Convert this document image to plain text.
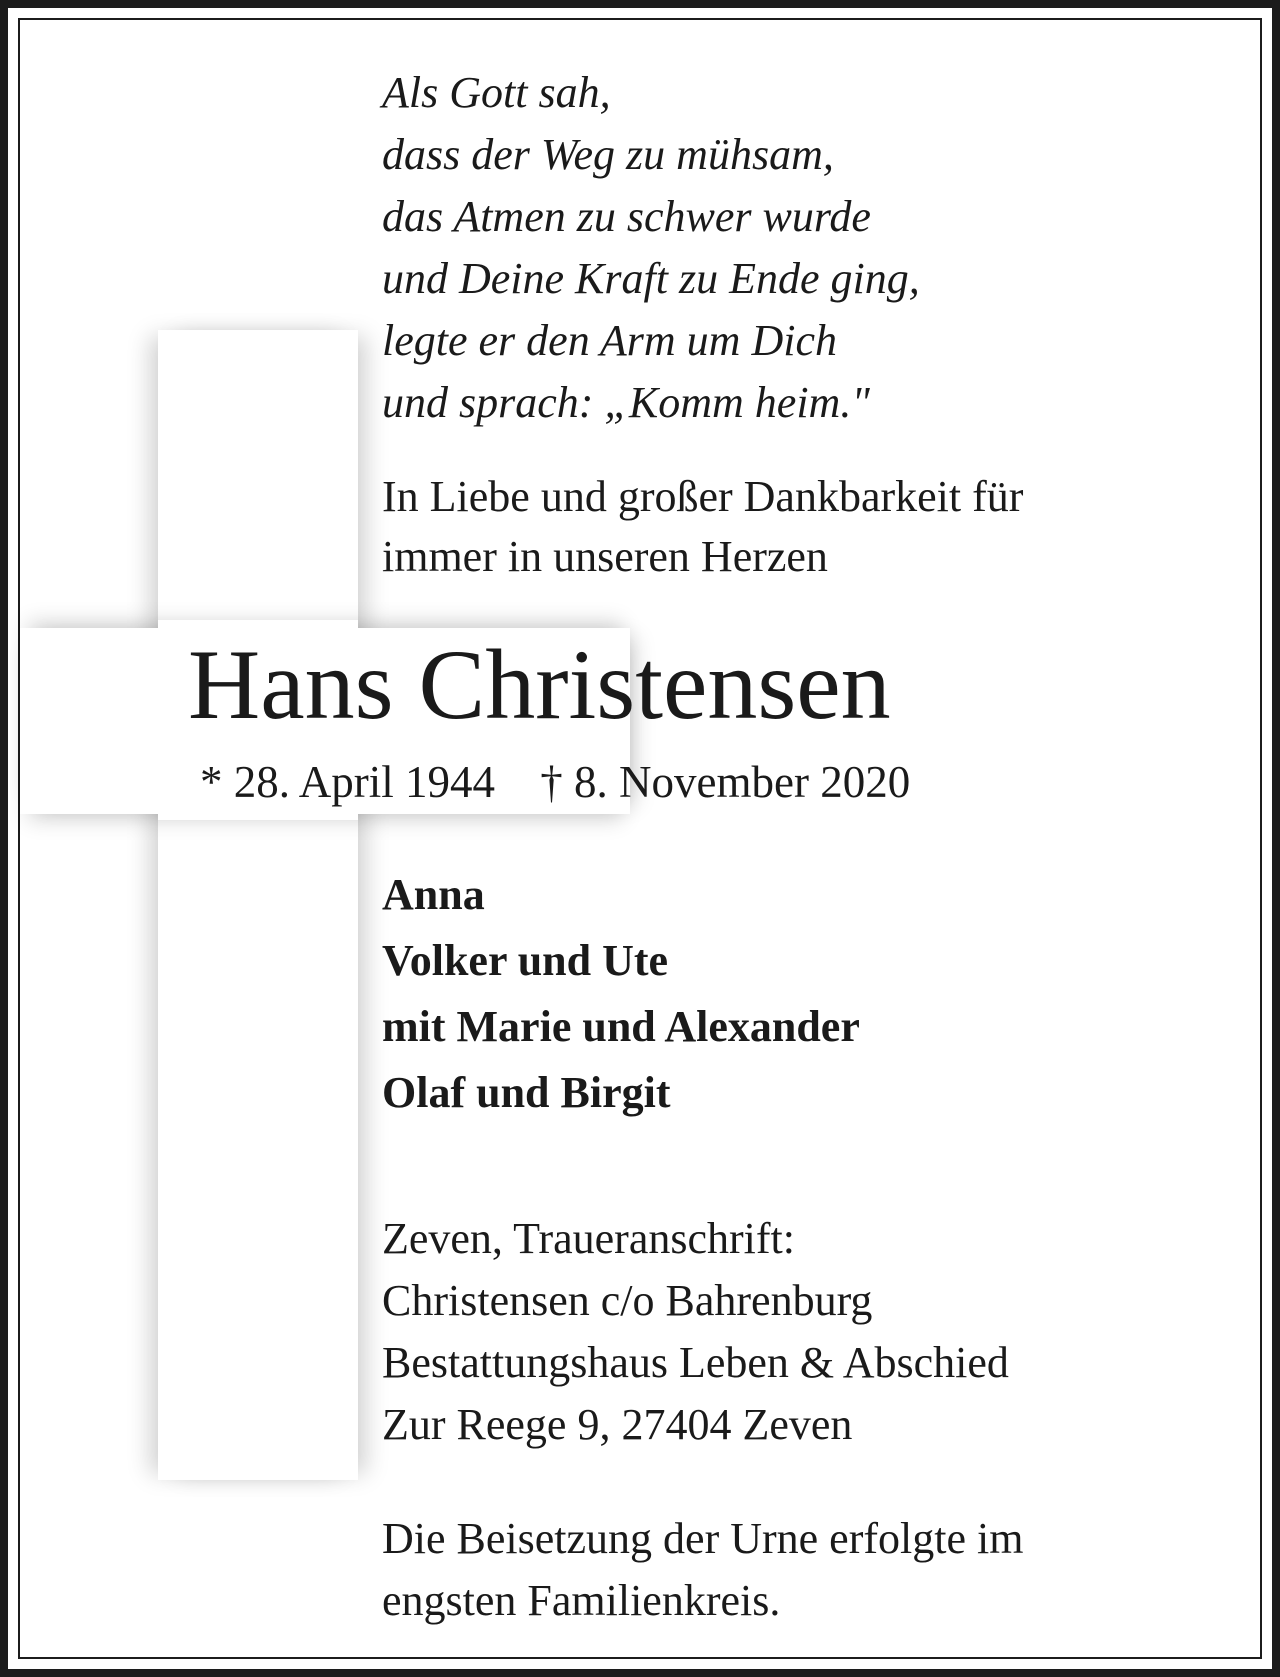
Als Gott sah,
dass der Weg zu mühsam,
das Atmen zu schwer wurde
und Deine Kraft zu Ende ging,
legte er den Arm um Dich
und sprach: „Komm heim."
In Liebe und großer Dankbarkeit für
immer in unseren Herzen
Hans Christensen
* 28. April 1944 † 8. November 2020
Anna
Volker und Ute
mit Marie und Alexander
Olaf und Birgit
Zeven, Traueranschrift:
Christensen c/o Bahrenburg
Bestattungshaus Leben & Abschied
Zur Reege 9, 27404 Zeven
Die Beisetzung der Urne erfolgte im
engsten Familienkreis.
